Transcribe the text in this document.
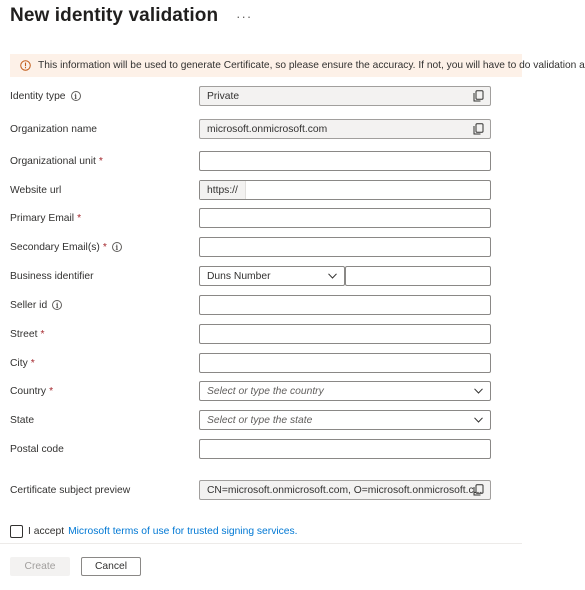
New identity validation ···
This information will be used to generate Certificate, so please ensure the accuracy. If not, you will have to do validation a
Identity type	i	Private
Organization name	microsoft.onmicrosoft.com
Organizational unit *
Website url	https://
Primary Email *
Secondary Email(s) *	i
Business identifier	Duns Number
Seller id	i
Street *
City *
Country *	Select or type the country
State	Select or type the state
Postal code
Certificate subject preview	CN=microsoft.onmicrosoft.com, O=microsoft.onmicrosoft.c...
I accept Microsoft terms of use for trusted signing services.
Create	Cancel
